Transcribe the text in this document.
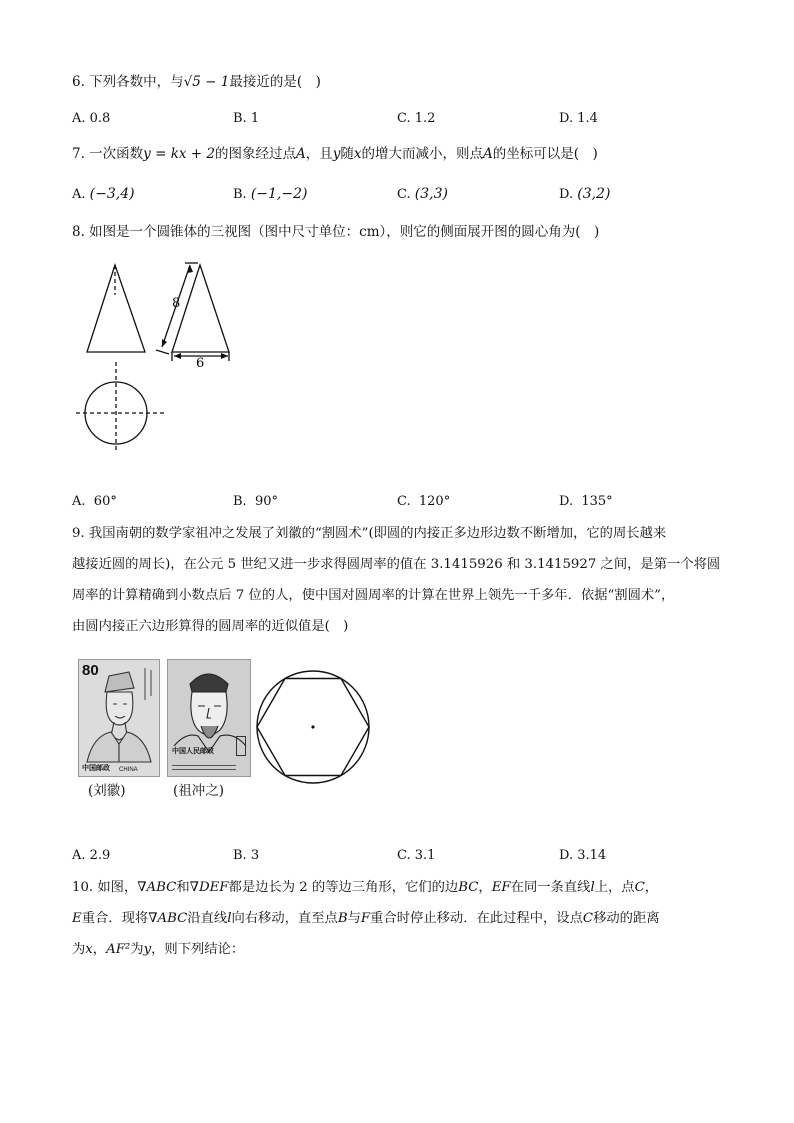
6. 下列各数中，与√5 − 1最接近的是(　)
A. 0.8	B. 1	C. 1.2	D. 1.4
7. 一次函数y = kx + 2的图象经过点A，且y随x的增大而减小，则点A的坐标可以是(　)
A. (−3,4)	B. (−1,−2)	C. (3,3)	D. (3,2)
8. 如图是一个圆锥体的三视图（图中尺寸单位：cm），则它的侧面展开图的圆心角为(　)
8
6
A. 60°	B. 90°	C. 120°	D. 135°
9. 我国南朝的数学家祖冲之发展了刘徽的“割圆术”(即圆的内接正多边形边数不断增加，它的周长越来
越接近圆的周长)，在公元 5 世纪又进一步求得圆周率的值在 3.1415926 和 3.1415927 之间，是第一个将圆
周率的计算精确到小数点后 7 位的人，使中国对圆周率的计算在世界上领先一千多年．依据“割圆术”，
由圆内接正六边形算得的圆周率的近似值是(　)
80
中国邮政 CHINA
中国人民邮政
(刘徽)	(祖冲之)
A. 2.9	B. 3	C. 3.1	D. 3.14
10. 如图，∇ABC和∇DEF都是边长为 2 的等边三角形，它们的边BC，EF在同一条直线l上，点C，
E重合．现将∇ABC沿直线l向右移动，直至点B与F重合时停止移动．在此过程中，设点C移动的距离
为x，AF²为y，则下列结论：
